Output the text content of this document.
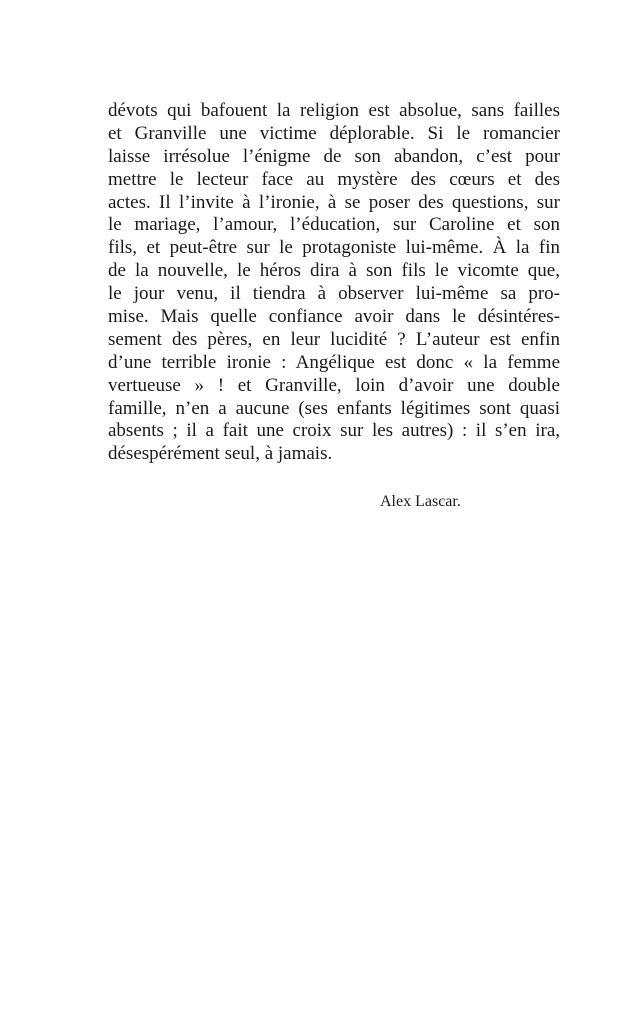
dévots qui bafouent la religion est absolue, sans failles
et Granville une victime déplorable. Si le romancier
laisse irrésolue l’énigme de son abandon, c’est pour
mettre le lecteur face au mystère des cœurs et des
actes. Il l’invite à l’ironie, à se poser des questions, sur
le mariage, l’amour, l’éducation, sur Caroline et son
fils, et peut-être sur le protagoniste lui-même. À la fin
de la nouvelle, le héros dira à son fils le vicomte que,
le jour venu, il tiendra à observer lui-même sa pro-
mise. Mais quelle confiance avoir dans le désintéres-
sement des pères, en leur lucidité ? L’auteur est enfin
d’une terrible ironie : Angélique est donc « la femme
vertueuse » ! et Granville, loin d’avoir une double
famille, n’en a aucune (ses enfants légitimes sont quasi
absents ; il a fait une croix sur les autres) : il s’en ira,
désespérément seul, à jamais.

Alex Lascar.
